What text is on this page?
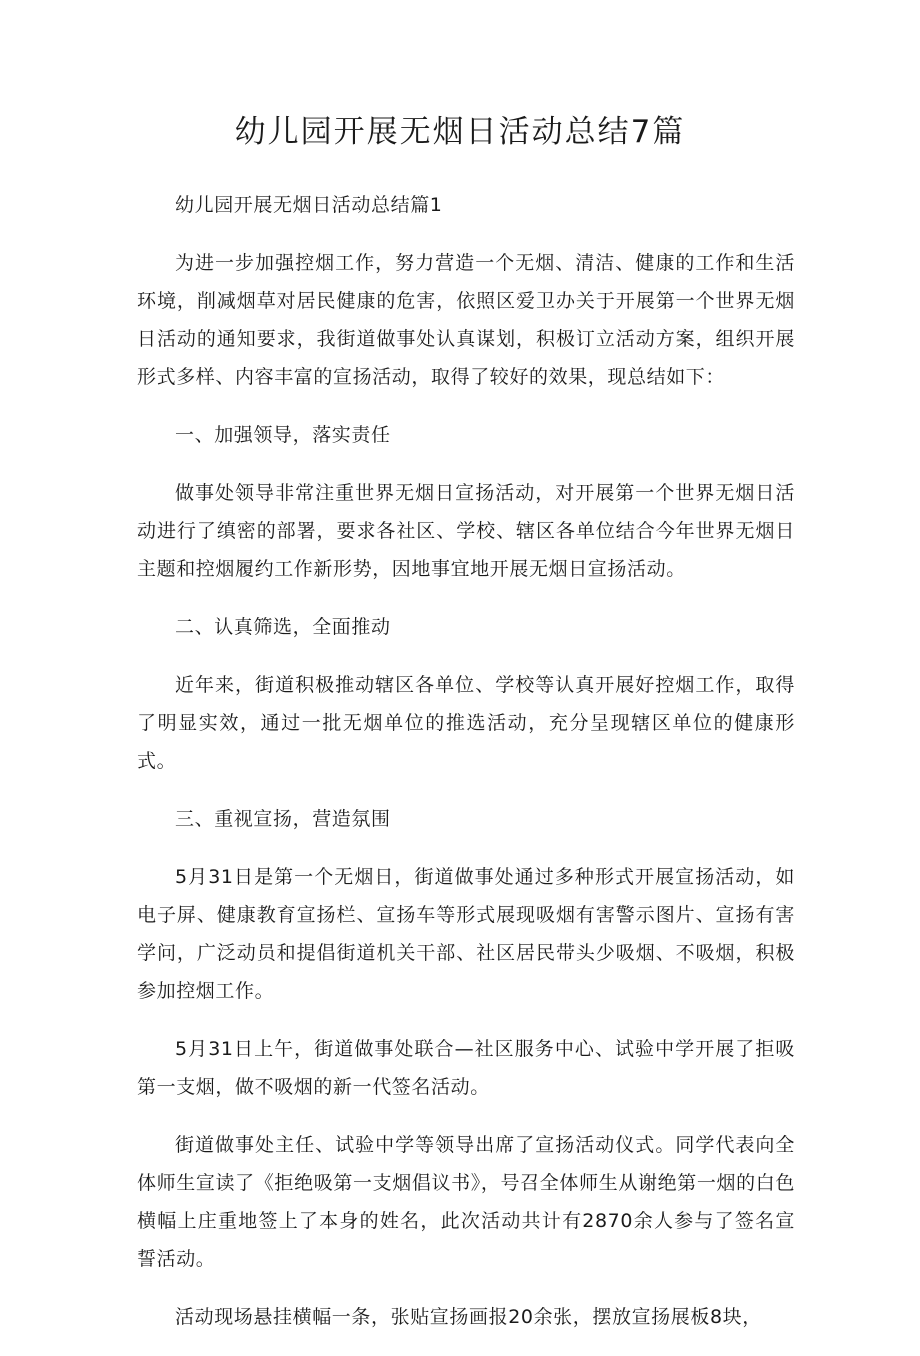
幼儿园开展无烟日活动总结7篇

幼儿园开展无烟日活动总结篇1

为进一步加强控烟工作，努力营造一个无烟、清洁、健康的工作和生活环境，削减烟草对居民健康的危害，依照区爱卫办关于开展第一个世界无烟日活动的通知要求，我街道做事处认真谋划，积极订立活动方案，组织开展形式多样、内容丰富的宣扬活动，取得了较好的效果，现总结如下：

一、加强领导，落实责任

做事处领导非常注重世界无烟日宣扬活动，对开展第一个世界无烟日活动进行了缜密的部署，要求各社区、学校、辖区各单位结合今年世界无烟日主题和控烟履约工作新形势，因地事宜地开展无烟日宣扬活动。

二、认真筛选，全面推动

近年来，街道积极推动辖区各单位、学校等认真开展好控烟工作，取得了明显实效，通过一批无烟单位的推选活动，充分呈现辖区单位的健康形式。

三、重视宣扬，营造氛围

5月31日是第一个无烟日，街道做事处通过多种形式开展宣扬活动，如电子屏、健康教育宣扬栏、宣扬车等形式展现吸烟有害警示图片、宣扬有害学问，广泛动员和提倡街道机关干部、社区居民带头少吸烟、不吸烟，积极参加控烟工作。

5月31日上午，街道做事处联合—社区服务中心、试验中学开展了拒吸第一支烟，做不吸烟的新一代签名活动。

街道做事处主任、试验中学等领导出席了宣扬活动仪式。同学代表向全体师生宣读了《拒绝吸第一支烟倡议书》，号召全体师生从谢绝第一烟的白色横幅上庄重地签上了本身的姓名，此次活动共计有2870余人参与了签名宣誓活动。

活动现场悬挂横幅一条，张贴宣扬画报20余张，摆放宣扬展板8块，
